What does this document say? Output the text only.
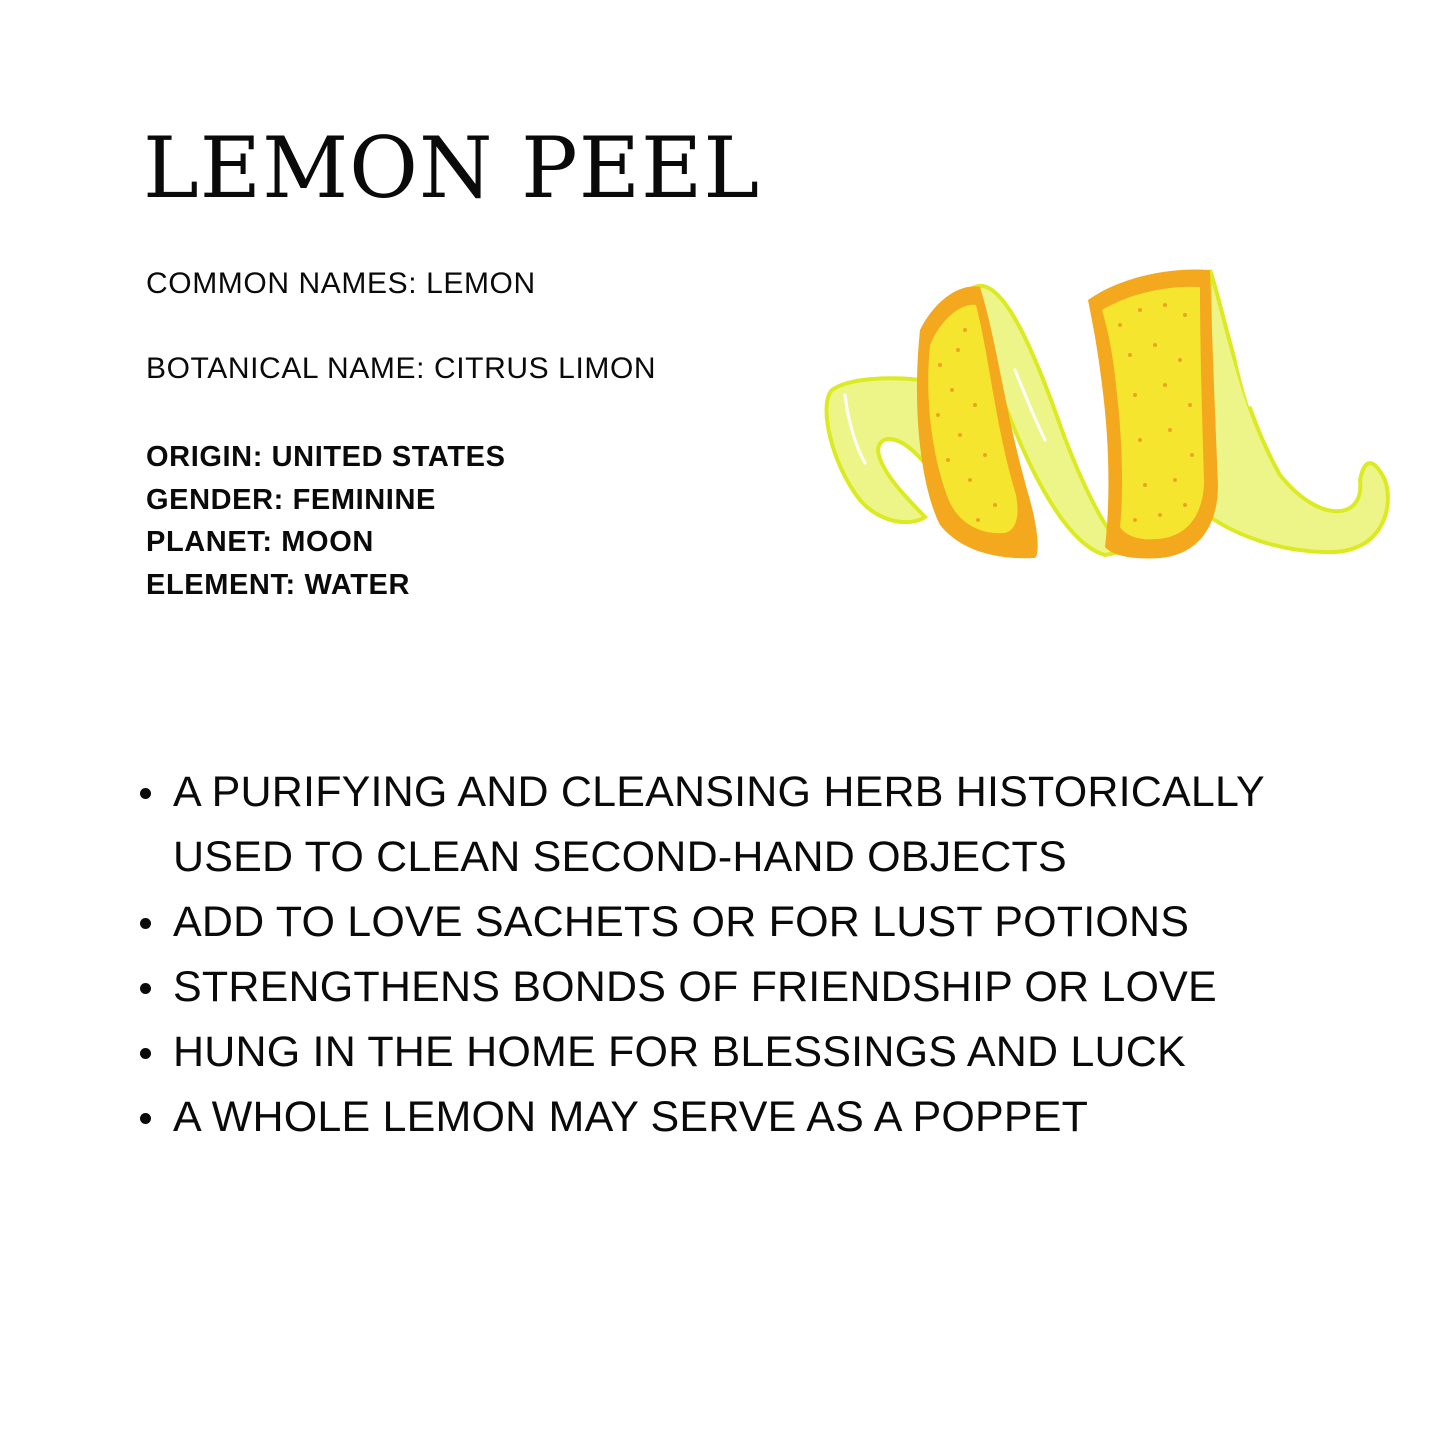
LEMON PEEL

COMMON NAMES: LEMON

BOTANICAL NAME: CITRUS LIMON

ORIGIN: UNITED STATES
GENDER: FEMININE
PLANET: MOON
ELEMENT: WATER
A PURIFYING AND CLEANSING HERB HISTORICALLY USED TO CLEAN SECOND-HAND OBJECTS
ADD TO LOVE SACHETS OR FOR LUST POTIONS
STRENGTHENS BONDS OF FRIENDSHIP OR LOVE
HUNG IN THE HOME FOR BLESSINGS AND LUCK
A WHOLE LEMON MAY SERVE AS A POPPET
